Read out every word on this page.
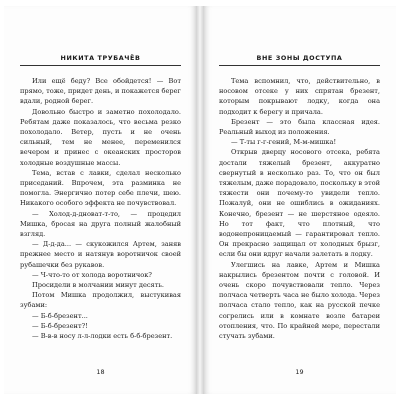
НИКИТА ТРУБАЧЁВ

Или ещё беду? Все обойдется! — Вот прямо, тоже, придет день, и покажется берег вдали, родной берег.

Довольно быстро и заметно похолодало. Ребятам даже показалось, что весьма резко похолодало. Ветер, пусть и не очень сильный, тем не менее, переменился вечером и принес с океанских просторов холодные воздушные массы.

Тема, встав с лавки, сделал несколько приседаний. Впрочем, эта разминка не помогла. Энергично потер себе плечи, шею. Никакого особого эффекта не почувствовал.

— Холод-д-дноват-т-то, — процедил Мишка, бросая на друга полный жалобный взгляд.

— Д-д-да... — скукожился Артем, заняв прежнее место и натянув воротничок своей рубашечки без рукавов.

— Ч-что-то от холода воротничок?

Просидели в молчании минут десять.

Потом Мишка продолжил, выстукивая зубами:

— Б-б-брезент...

— Б-б-брезент?!

— В-в-в носу л-л-лодки есть б-б-брезент.

18
ВНЕ ЗОНЫ ДОСТУПА

Тема вспомнил, что, действительно, в носовом отсеке у них спрятан брезент, которым покрывают лодку, когда она подходит к берегу и причала.

Брезент — это была классная идея. Реальный выход из положения.

— Т-ты г-г-гений, М-м-мишка!

Открыв дверцу носового отсека, ребята достали тяжелый брезент, аккуратно свернутый в несколько раз. То, что он был тяжелым, даже порадовало, поскольку в этой тяжести они почему-то увидели тепло. Пожалуй, они не ошиблись в ожиданиях. Конечно, брезент — не шерстяное одеяло. Но тот факт, что плотный, что водонепроницаемый — гарантировал тепло. Он прекрасно защищал от холодных брызг, если бы они вдруг начали залетать в лодку.

Улегшись на лавке, Артем и Мишка накрылись брезентом почти с головой. И очень скоро почувствовали тепло. Через полчаса четверть часа не было холода. Через полчаса стало тепло, как на русской печке согрелись или в комнате возле батареи отопления, что. По крайней мере, перестали стучать зубами.

19
